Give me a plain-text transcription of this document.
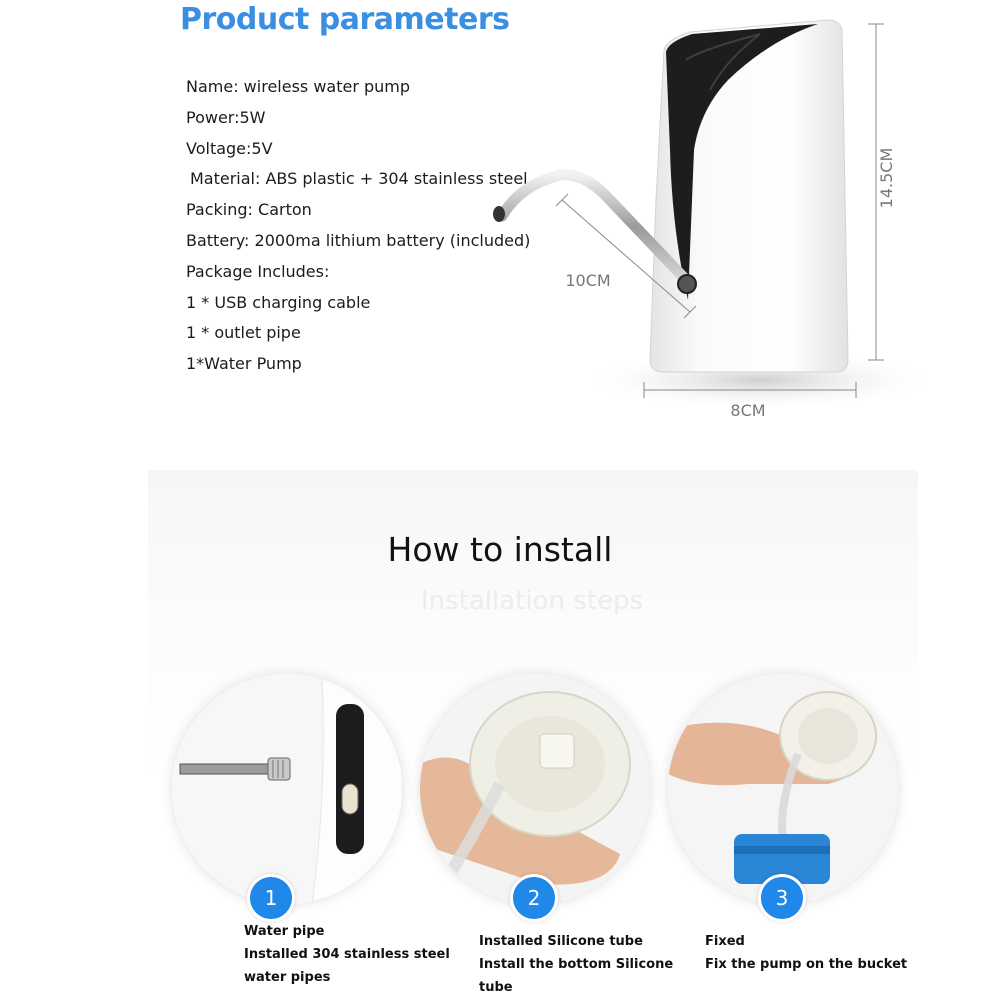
Product parameters
Name: wireless water pump
Power:5W
Voltage:5V
Material: ABS plastic + 304 stainless steel
Packing: Carton
Battery: 2000ma lithium battery (included)
Package Includes:
1 * USB charging cable
1 * outlet pipe
1*Water Pump
14.5CM
10CM
8CM
How to install
Installation steps
1
Water pipe
Installed 304 stainless steel
water pipes
2
Installed Silicone tube
Install the bottom Silicone
tube
3
Fixed
Fix the pump on the bucket
